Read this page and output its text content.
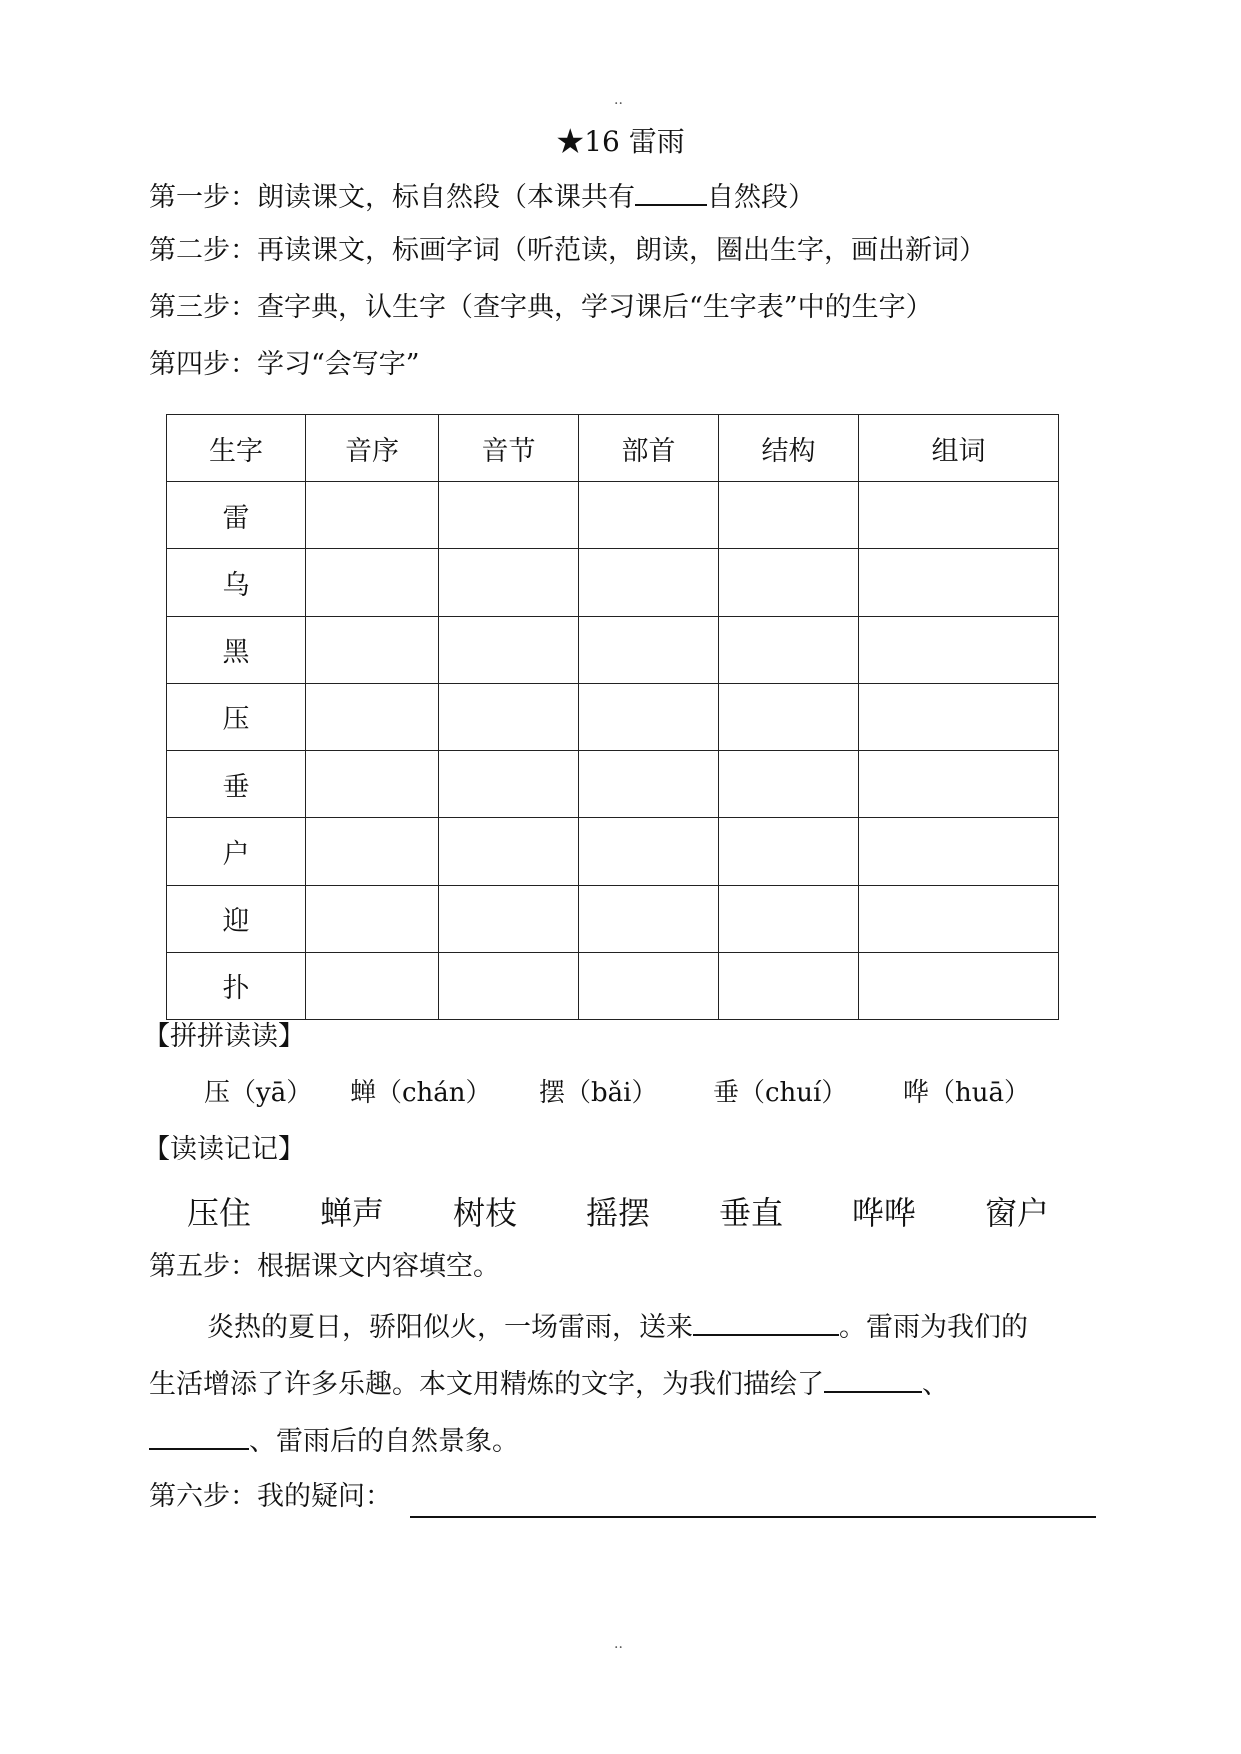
··
★16 雷雨
第一步：朗读课文，标自然段（本课共有	自然段）
第二步：再读课文，标画字词（听范读，朗读，圈出生字，画出新词）
第三步：查字典，认生字（查字典，学习课后“生字表”中的生字）
第四步：学习“会写字”
生字	音序	音节	部首	结构	组词
雷					
乌					
黑					
压					
垂					
户					
迎					
扑					
【拼拼读读】
压（yā） 蝉（chán） 摆（bǎi） 垂（chuí） 哗（huā）
【读读记记】
压住 蝉声 树枝 摇摆 垂直 哗哗 窗户
第五步：根据课文内容填空。
炎热的夏日，骄阳似火，一场雷雨，送来	。雷雨为我们的
生活增添了许多乐趣。本文用精炼的文字，为我们描绘了	、
、雷雨后的自然景象。
第六步：我的疑问：
··
